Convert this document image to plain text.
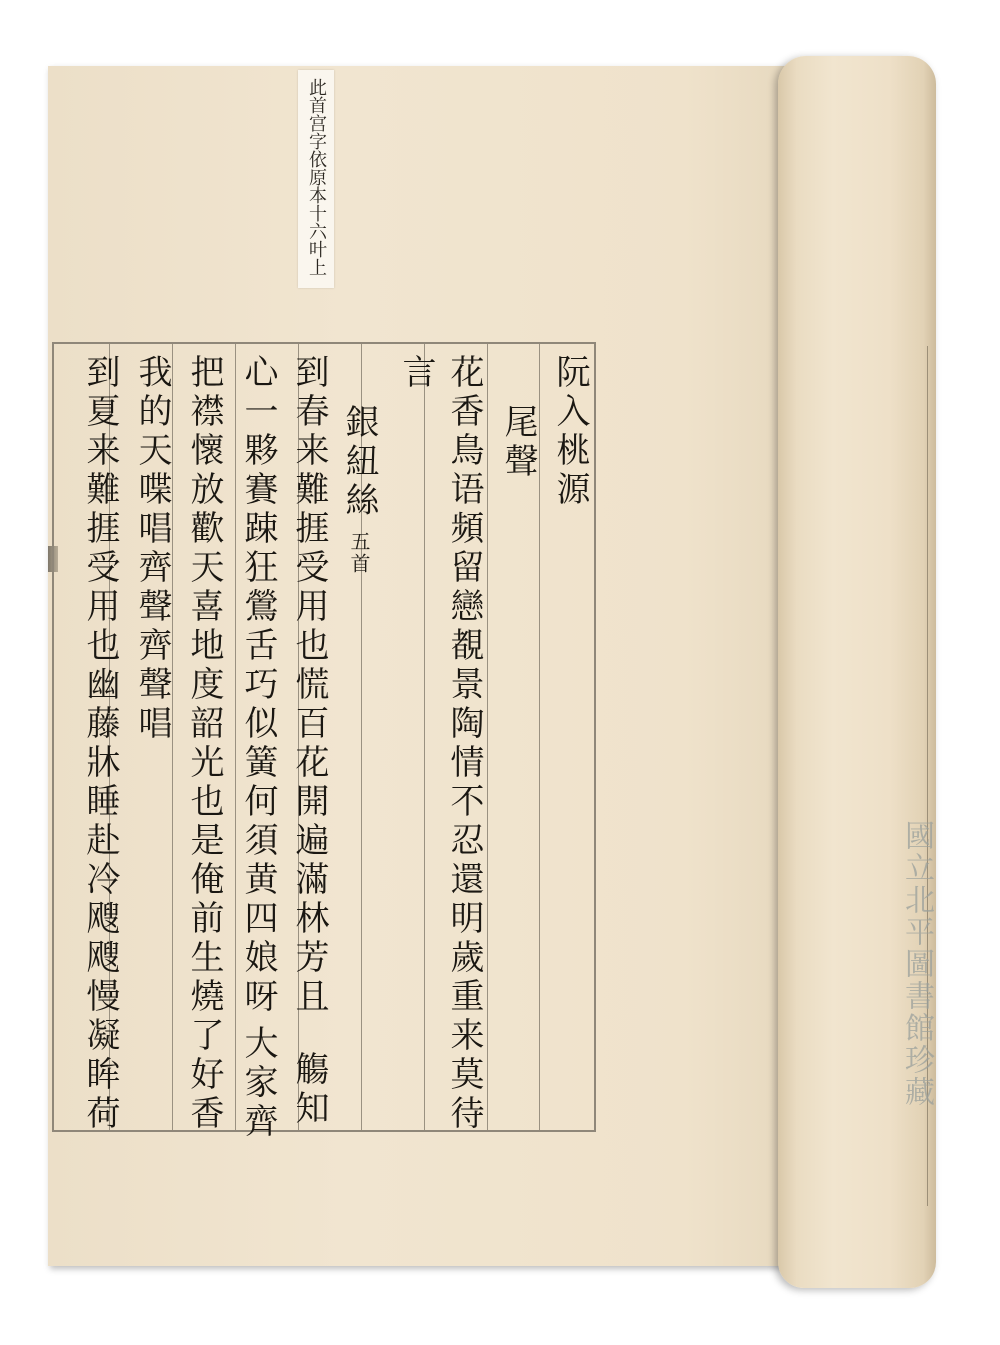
此首宫字依原本十六叶上
阮入桃源
尾聲
花香鳥语頻留戀覩景陶情不忍還明歲重来莫待
言
銀紐絲五首
到春来難捱受用也慌百花開遍滿林芳且觴知
心一夥賽踈狂鶯舌巧似簧何須黄四娘呀大家齊
把襟懷放歡天喜地度韶光也是俺前生燒了好香
我的天喋唱齊聲齊聲唱
到夏来難捱受用也幽藤牀睡赴冷飕飕慢凝眸荷	國立北平圖書館珍藏
